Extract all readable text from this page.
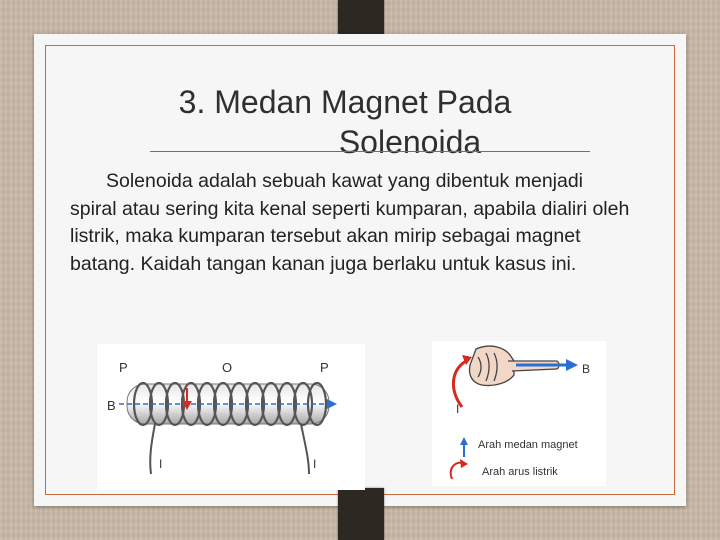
3. Medan Magnet Pada
Solenoida
Solenoida adalah sebuah kawat yang dibentuk menjadi spiral atau sering kita kenal seperti kumparan, apabila dialiri oleh listrik, maka kumparan tersebut akan mirip sebagai magnet batang. Kaidah tangan kanan juga berlaku untuk kasus ini.
P	O	P
B
I	I
B
I
Arah medan magnet
Arah arus listrik
